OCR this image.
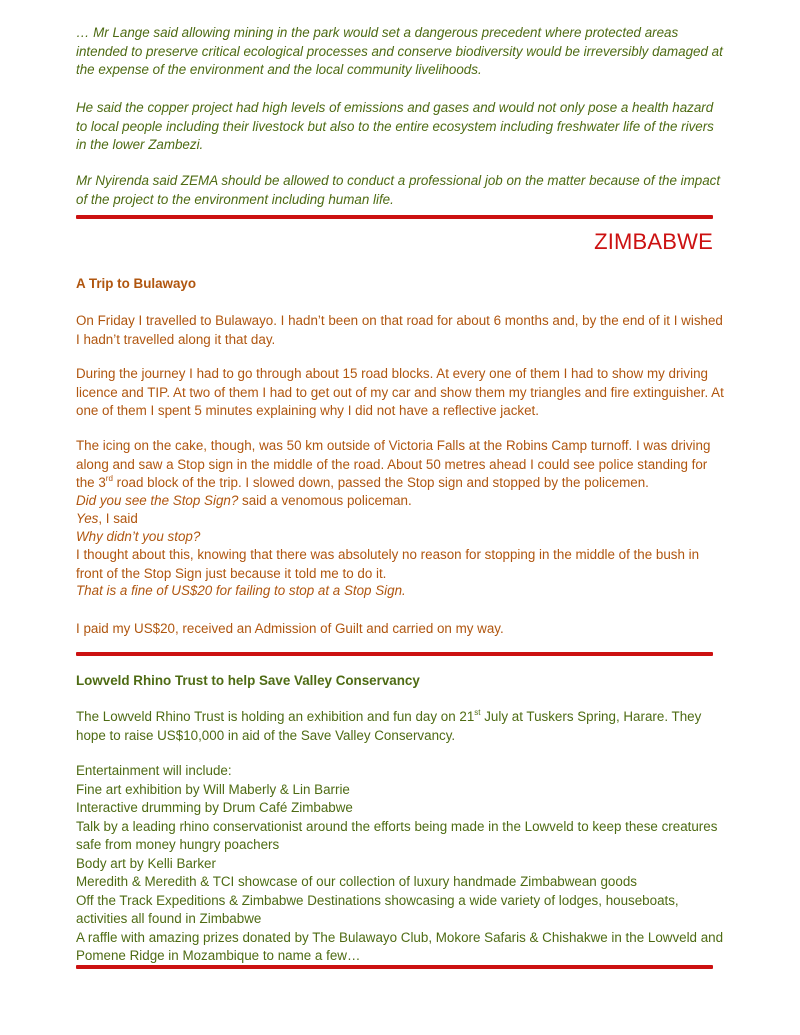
… Mr Lange said allowing mining in the park would set a dangerous precedent where protected areas intended to preserve critical ecological processes and conserve biodiversity would be irreversibly damaged at the expense of the environment and the local community livelihoods.

He said the copper project had high levels of emissions and gases and would not only pose a health hazard to local people including their livestock but also to the entire ecosystem including freshwater life of the rivers in the lower Zambezi.

Mr Nyirenda said ZEMA should be allowed to conduct a professional job on the matter because of the impact of the project to the environment including human life.

ZIMBABWE

A Trip to Bulawayo

On Friday I travelled to Bulawayo. I hadn’t been on that road for about 6 months and, by the end of it I wished I hadn’t travelled along it that day.

During the journey I had to go through about 15 road blocks. At every one of them I had to show my driving licence and TIP. At two of them I had to get out of my car and show them my triangles and fire extinguisher. At one of them I spent 5 minutes explaining why I did not have a reflective jacket.

The icing on the cake, though, was 50 km outside of Victoria Falls at the Robins Camp turnoff. I was driving along and saw a Stop sign in the middle of the road. About 50 metres ahead I could see police standing for the 3rd road block of the trip. I slowed down, passed the Stop sign and stopped by the policemen.

Did you see the Stop Sign? said a venomous policeman.

Yes, I said

Why didn’t you stop?

I thought about this, knowing that there was absolutely no reason for stopping in the middle of the bush in front of the Stop Sign just because it told me to do it.

That is a fine of US$20 for failing to stop at a Stop Sign.

I paid my US$20, received an Admission of Guilt and carried on my way.

Lowveld Rhino Trust to help Save Valley Conservancy

The Lowveld Rhino Trust is holding an exhibition and fun day on 21st July at Tuskers Spring, Harare. They hope to raise US$10,000 in aid of the Save Valley Conservancy.

Entertainment will include:
Fine art exhibition by Will Maberly & Lin Barrie
Interactive drumming by Drum Café Zimbabwe
Talk by a leading rhino conservationist around the efforts being made in the Lowveld to keep these creatures safe from money hungry poachers
Body art by Kelli Barker
Meredith & Meredith & TCI showcase of our collection of luxury handmade Zimbabwean goods
Off the Track Expeditions & Zimbabwe Destinations showcasing a wide variety of lodges, houseboats, activities all found in Zimbabwe
A raffle with amazing prizes donated by The Bulawayo Club, Mokore Safaris & Chishakwe in the Lowveld and Pomene Ridge in Mozambique to name a few…
